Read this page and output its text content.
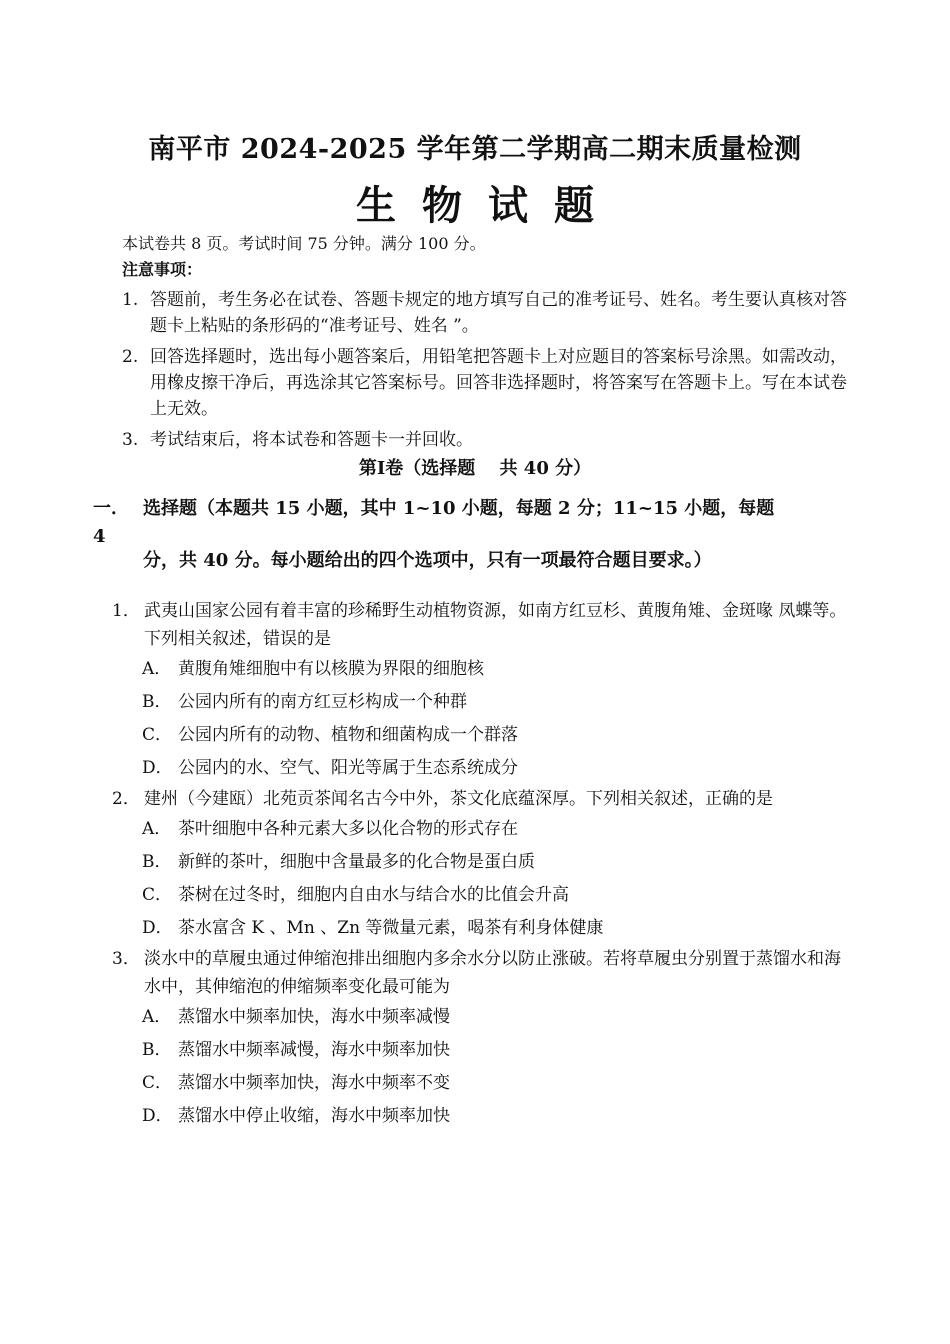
南平市 2024-2025 学年第二学期高二期末质量检测
生物试题
本试卷共 8 页。考试时间 75 分钟。满分 100 分。
注意事项：
1. 答题前，考生务必在试卷、答题卡规定的地方填写自己的准考证号、姓名。考生要认真核对答题卡上粘贴的条形码的“准考证号、姓名 ”。
2. 回答选择题时，选出每小题答案后，用铅笔把答题卡上对应题目的答案标号涂黑。如需改动，用橡皮擦干净后，再选涂其它答案标号。回答非选择题时，将答案写在答题卡上。写在本试卷上无效。
3. 考试结束后，将本试卷和答题卡一并回收。
第Ⅰ卷（选择题　 共 40 分）
一．4
选择题（本题共 15 小题，其中 1~10 小题，每题 2 分；11~15 小题，每题
分，共 40 分。每小题给出的四个选项中，只有一项最符合题目要求。）
1． 武夷山国家公园有着丰富的珍稀野生动植物资源，如南方红豆杉、黄腹角雉、金斑喙 凤蝶等。下列相关叙述，错误的是
A． 黄腹角雉细胞中有以核膜为界限的细胞核
B． 公园内所有的南方红豆杉构成一个种群
C． 公园内所有的动物、植物和细菌构成一个群落
D． 公园内的水、空气、阳光等属于生态系统成分
2． 建州（今建瓯）北苑贡茶闻名古今中外，茶文化底蕴深厚。下列相关叙述，正确的是
A． 茶叶细胞中各种元素大多以化合物的形式存在
B． 新鲜的茶叶，细胞中含量最多的化合物是蛋白质
C． 茶树在过冬时，细胞内自由水与结合水的比值会升高
D． 茶水富含 K 、Mn 、Zn 等微量元素，喝茶有利身体健康
3． 淡水中的草履虫通过伸缩泡排出细胞内多余水分以防止涨破。若将草履虫分别置于蒸馏水和海水中，其伸缩泡的伸缩频率变化最可能为
A． 蒸馏水中频率加快，海水中频率减慢
B． 蒸馏水中频率减慢，海水中频率加快
C． 蒸馏水中频率加快，海水中频率不变
D． 蒸馏水中停止收缩，海水中频率加快
